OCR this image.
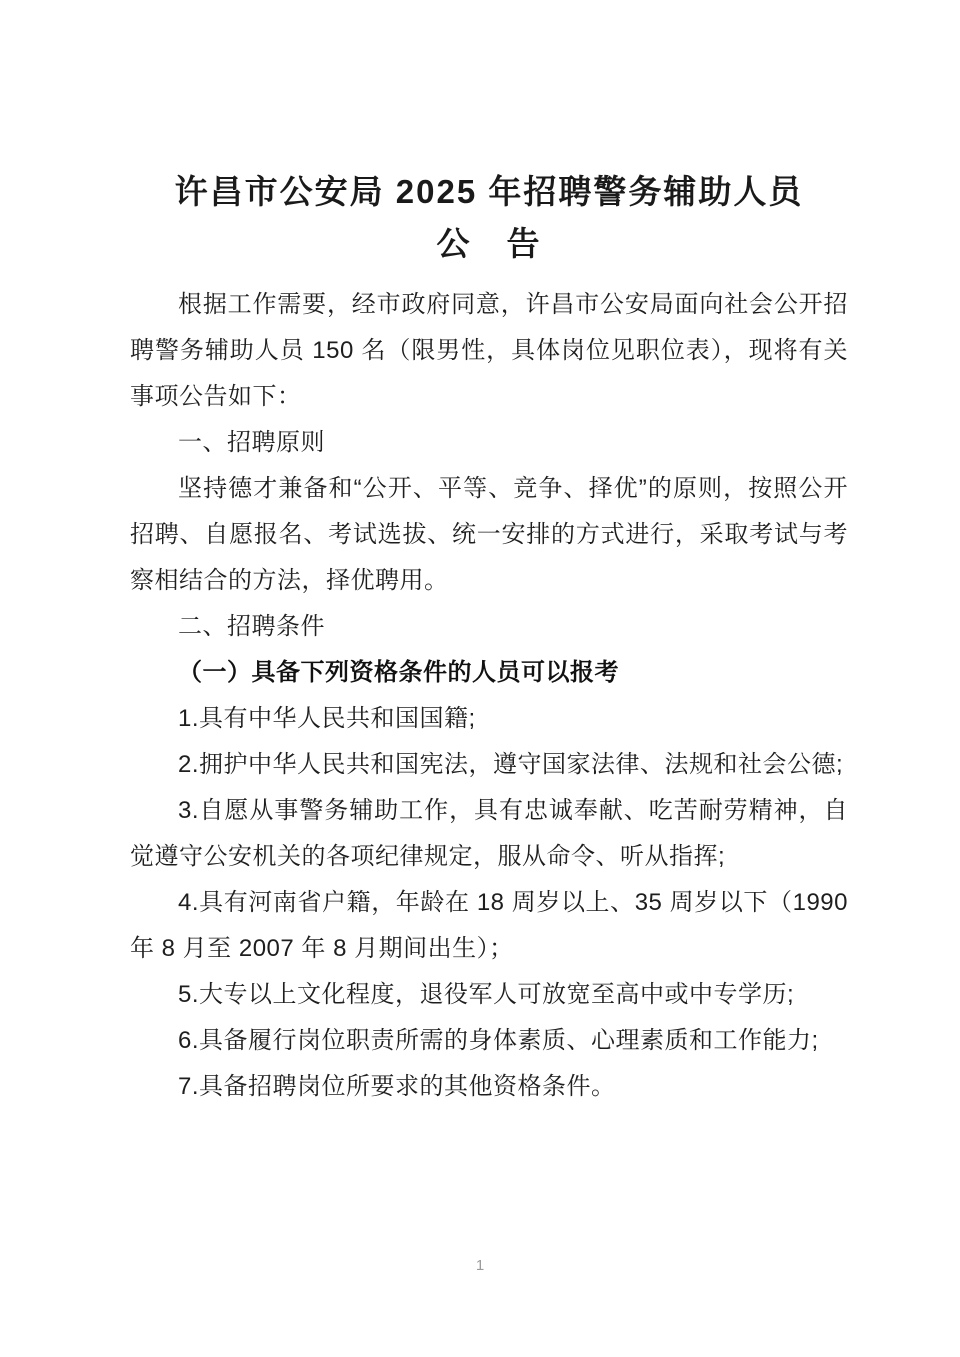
许昌市公安局 2025 年招聘警务辅助人员
公　告

根据工作需要，经市政府同意，许昌市公安局面向社会公开招聘警务辅助人员 150 名（限男性，具体岗位见职位表），现将有关事项公告如下：

一、招聘原则

坚持德才兼备和“公开、平等、竞争、择优”的原则，按照公开招聘、自愿报名、考试选拔、统一安排的方式进行，采取考试与考察相结合的方法，择优聘用。

二、招聘条件

（一）具备下列资格条件的人员可以报考

1.具有中华人民共和国国籍;

2.拥护中华人民共和国宪法，遵守国家法律、法规和社会公德;

3.自愿从事警务辅助工作，具有忠诚奉献、吃苦耐劳精神，自觉遵守公安机关的各项纪律规定，服从命令、听从指挥;

4.具有河南省户籍，年龄在 18 周岁以上、35 周岁以下（1990 年 8 月至 2007 年 8 月期间出生）；

5.大专以上文化程度，退役军人可放宽至高中或中专学历;

6.具备履行岗位职责所需的身体素质、心理素质和工作能力;

7.具备招聘岗位所要求的其他资格条件。

1
